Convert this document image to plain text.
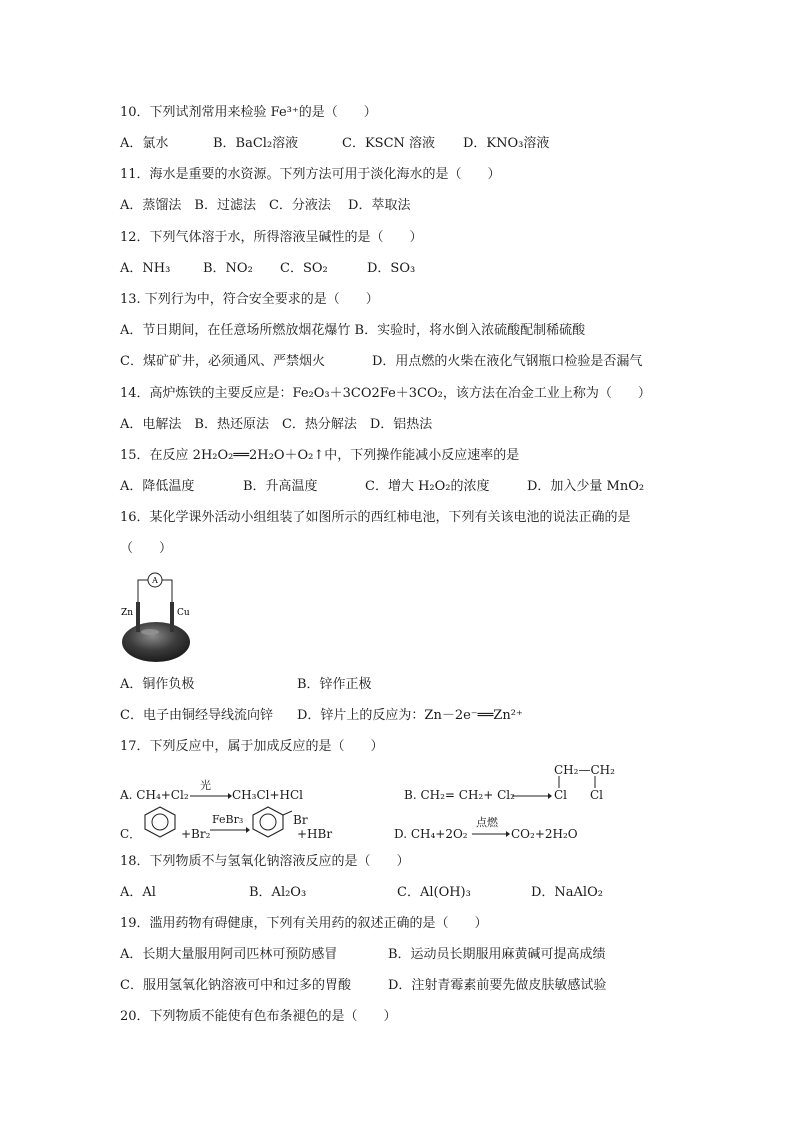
10．下列试剂常用来检验 Fe³⁺的是（　　）
A．氯水	B．BaCl₂溶液	C．KSCN 溶液 D．KNO₃溶液
11．海水是重要的水资源。下列方法可用于淡化海水的是（　　）
A．蒸馏法　B．过滤法　C．分液法　 D．萃取法
12．下列气体溶于水，所得溶液呈碱性的是（　　）
A．NH₃	B．NO₂ C．SO₂	D．SO₃
13. 下列行为中，符合安全要求的是（　　）
A．节日期间，在任意场所燃放烟花爆竹 B．实验时，将水倒入浓硫酸配制稀硫酸
C．煤矿矿井，必须通风、严禁烟火	D．用点燃的火柴在液化气钢瓶口检验是否漏气
14．高炉炼铁的主要反应是：Fe₂O₃＋3CO2Fe＋3CO₂，该方法在冶金工业上称为（　　）
A．电解法　B．热还原法　C．热分解法　D．铝热法
15．在反应 2H₂O₂══2H₂O＋O₂↑中，下列操作能减小反应速率的是
A．降低温度	B．升高温度	C．增大 H₂O₂的浓度	D．加入少量 MnO₂
16．某化学课外活动小组组装了如图所示的西红柿电池，下列有关该电池的说法正确的是
（　　）
A
Zn	Cu
A．铜作负极	B．锌作正极
C．电子由铜经导线流向锌 D．锌片上的反应为：Zn－2e⁻══Zn²⁺
17．下列反应中，属于加成反应的是（　　）
A. CH₄+Cl₂
光
CH₃Cl+HCl	B. CH₂= CH₂+ Cl₂
CH₂—CH₂
Cl Cl
C．	+Br₂
FeBr₃	Br
+HBr	D. CH₄+2O₂
点燃
CO₂+2H₂O
18．下列物质不与氢氧化钠溶液反应的是（　　）
A．Al	B．Al₂O₃	C．Al(OH)₃	D．NaAlO₂
19．滥用药物有碍健康，下列有关用药的叙述正确的是（　　）
A．长期大量服用阿司匹林可预防感冒	B．运动员长期服用麻黄碱可提高成绩
C．服用氢氧化钠溶液可中和过多的胃酸	D．注射青霉素前要先做皮肤敏感试验
20．下列物质不能使有色布条褪色的是（　　）
